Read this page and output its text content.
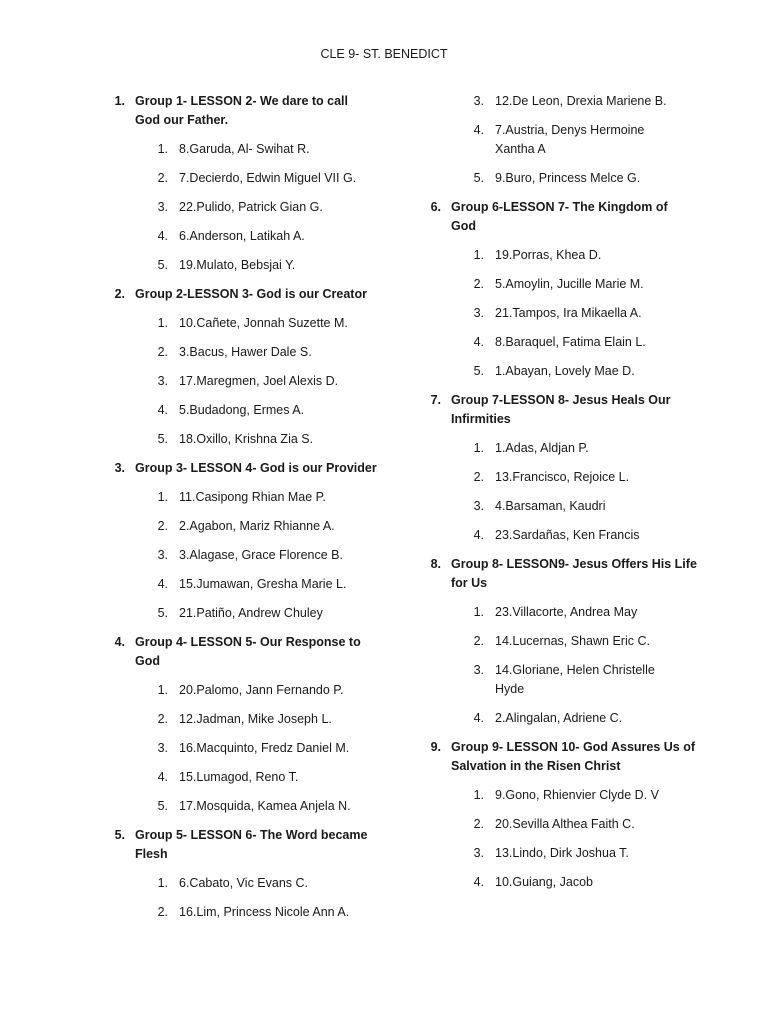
CLE 9- ST. BENEDICT
1. Group 1- LESSON 2- We dare to call
God our Father.
1. 8.Garuda, Al- Swihat R.
2. 7.Decierdo, Edwin Miguel VII G.
3. 22.Pulido, Patrick Gian G.
4. 6.Anderson, Latikah A.
5. 19.Mulato, Bebsjai Y.
2. Group 2-LESSON 3- God is our Creator
1. 10.Cañete, Jonnah Suzette M.
2. 3.Bacus, Hawer Dale S.
3. 17.Maregmen, Joel Alexis D.
4. 5.Budadong, Ermes A.
5. 18.Oxillo, Krishna Zia S.
3. Group 3- LESSON 4- God is our Provider
1. 11.Casipong Rhian Mae P.
2. 2.Agabon, Mariz Rhianne A.
3. 3.Alagase, Grace Florence B.
4. 15.Jumawan, Gresha Marie L.
5. 21.Patiño, Andrew Chuley
4. Group 4- LESSON 5- Our Response to
God
1. 20.Palomo, Jann Fernando P.
2. 12.Jadman, Mike Joseph L.
3. 16.Macquinto, Fredz Daniel M.
4. 15.Lumagod, Reno T.
5. 17.Mosquida, Kamea Anjela N.
5. Group 5- LESSON 6- The Word became
Flesh
1. 6.Cabato, Vic Evans C.
2. 16.Lim, Princess Nicole Ann A.
3. 12.De Leon, Drexia Mariene B.
4. 7.Austria, Denys Hermoine
Xantha A
5. 9.Buro, Princess Melce G.
6. Group 6-LESSON 7- The Kingdom of
God
1. 19.Porras, Khea D.
2. 5.Amoylin, Jucille Marie M.
3. 21.Tampos, Ira Mikaella A.
4. 8.Baraquel, Fatima Elain L.
5. 1.Abayan, Lovely Mae D.
7. Group 7-LESSON 8- Jesus Heals Our
Infirmities
1. 1.Adas, Aldjan P.
2. 13.Francisco, Rejoice L.
3. 4.Barsaman, Kaudri
4. 23.Sardañas, Ken Francis
8. Group 8- LESSON9- Jesus Offers His Life
for Us
1. 23.Villacorte, Andrea May
2. 14.Lucernas, Shawn Eric C.
3. 14.Gloriane, Helen Christelle
Hyde
4. 2.Alingalan, Adriene C.
9. Group 9- LESSON 10- God Assures Us of
Salvation in the Risen Christ
1. 9.Gono, Rhienvier Clyde D. V
2. 20.Sevilla Althea Faith C.
3. 13.Lindo, Dirk Joshua T.
4. 10.Guiang, Jacob
